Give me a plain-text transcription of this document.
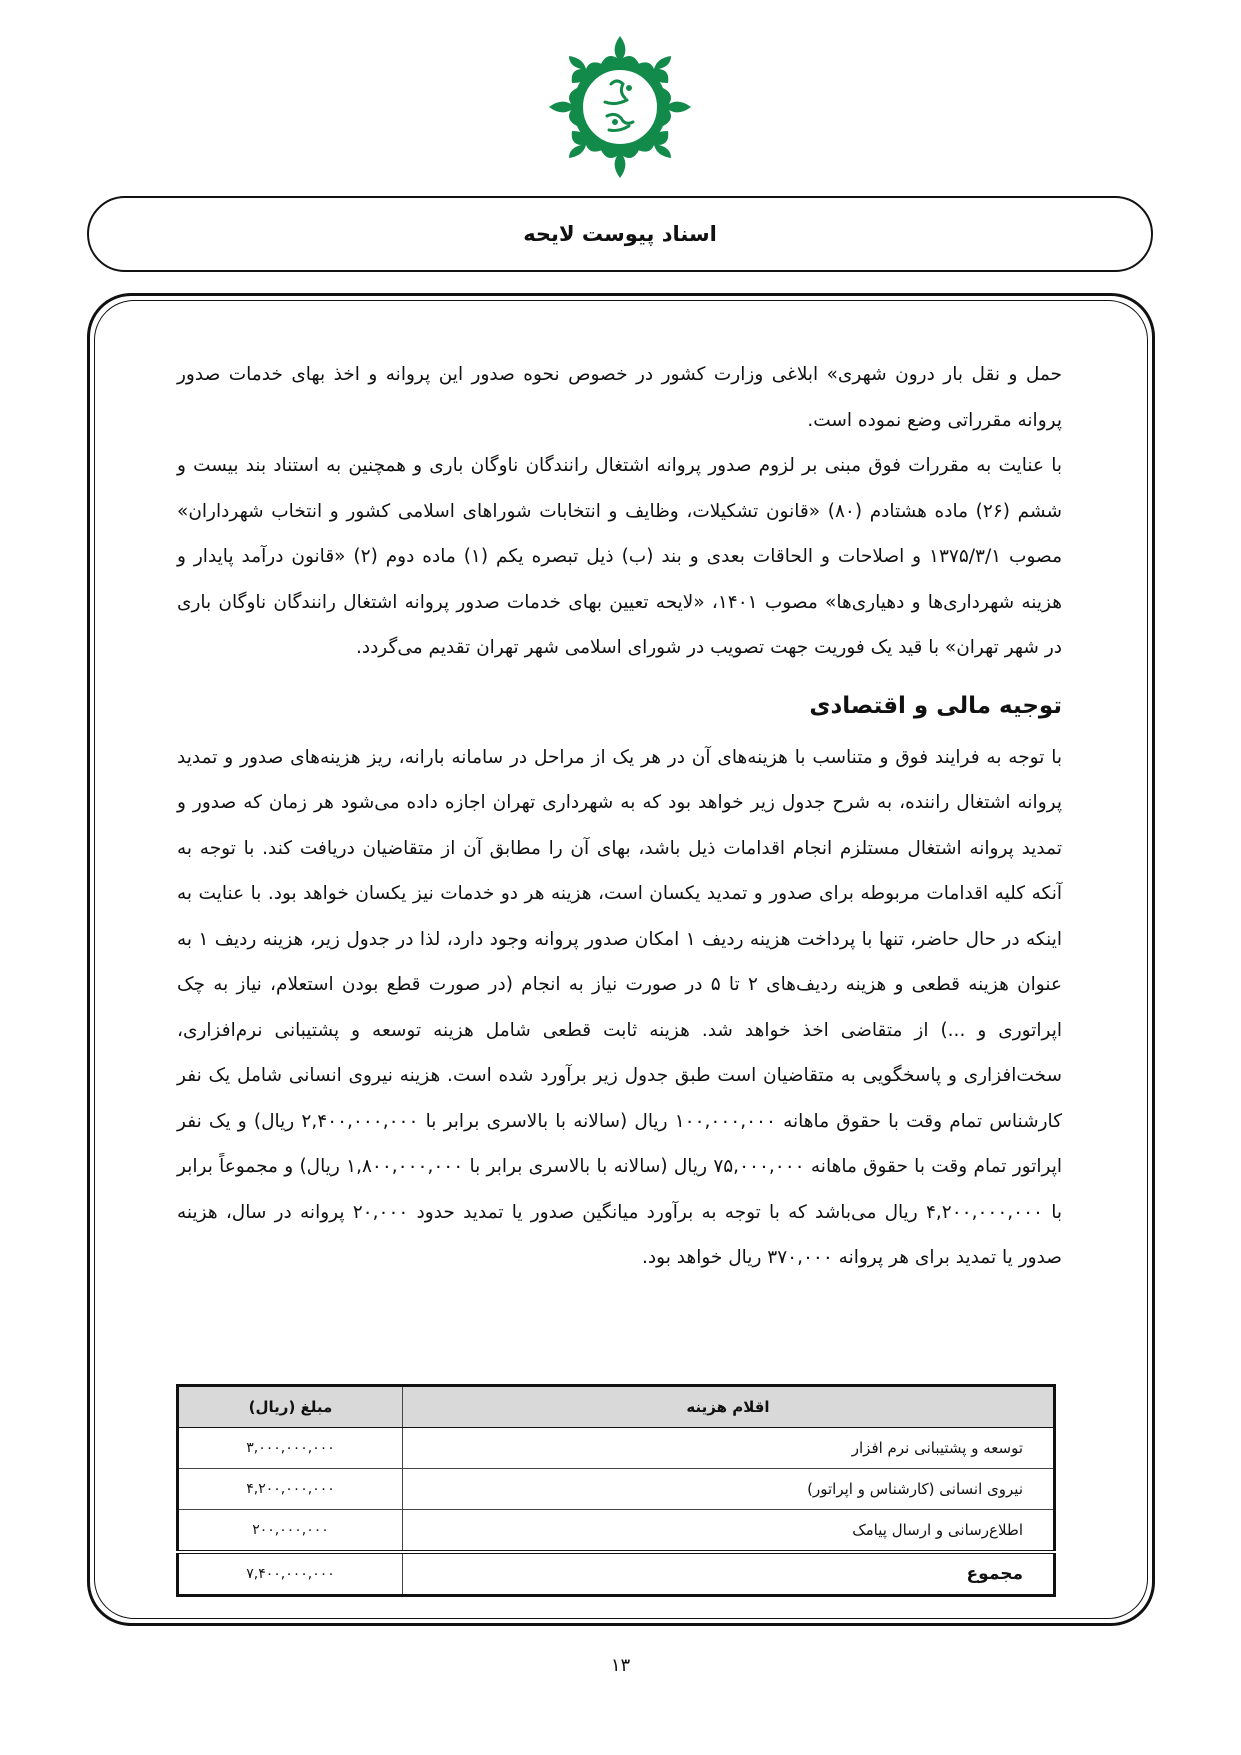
اسناد پیوست لایحه

حمل و نقل بار درون شهری» ابلاغی وزارت کشور در خصوص نحوه صدور این پروانه و اخذ بهای خدمات صدور پروانه مقرراتی وضع نموده است.

با عنایت به مقررات فوق مبنی بر لزوم صدور پروانه اشتغال رانندگان ناوگان باری و همچنین به استناد بند بیست و ششم (۲۶) ماده هشتادم (۸۰) «قانون تشکیلات، وظایف و انتخابات شوراهای اسلامی کشور و انتخاب شهرداران» مصوب ۱۳۷۵/۳/۱ و اصلاحات و الحاقات بعدی و بند (ب) ذیل تبصره یکم (۱) ماده دوم (۲) «قانون درآمد پایدار و هزینه شهرداری‌ها و دهیاری‌ها» مصوب ۱۴۰۱، «لایحه تعیین بهای خدمات صدور پروانه اشتغال رانندگان ناوگان باری در شهر تهران» با قید یک فوریت جهت تصویب در شورای اسلامی شهر تهران تقدیم می‌گردد.

توجیه مالی و اقتصادی

با توجه به فرایند فوق و متناسب با هزینه‌های آن در هر یک از مراحل در سامانه بارانه، ریز هزینه‌های صدور و تمدید پروانه اشتغال راننده، به شرح جدول زیر خواهد بود که به شهرداری تهران اجازه داده می‌شود هر زمان که صدور و تمدید پروانه اشتغال مستلزم انجام اقدامات ذیل باشد، بهای آن را مطابق آن از متقاضیان دریافت کند. با توجه به آنکه کلیه اقدامات مربوطه برای صدور و تمدید یکسان است، هزینه هر دو خدمات نیز یکسان خواهد بود. با عنایت به اینکه در حال حاضر، تنها با پرداخت هزینه ردیف ۱ امکان صدور پروانه وجود دارد، لذا در جدول زیر، هزینه ردیف ۱ به عنوان هزینه قطعی و هزینه ردیف‌های ۲ تا ۵ در صورت نیاز به انجام (در صورت قطع بودن استعلام، نیاز به چک اپراتوری و ...) از متقاضی اخذ خواهد شد. هزینه ثابت قطعی شامل هزینه توسعه و پشتیبانی نرم‌افزاری، سخت‌افزاری و پاسخگویی به متقاضیان است طبق جدول زیر برآورد شده است. هزینه نیروی انسانی شامل یک نفر کارشناس تمام وقت با حقوق ماهانه ۱۰۰,۰۰۰,۰۰۰ ریال (سالانه با بالاسری برابر با ۲,۴۰۰,۰۰۰,۰۰۰ ریال) و یک نفر اپراتور تمام وقت با حقوق ماهانه ۷۵,۰۰۰,۰۰۰ ریال (سالانه با بالاسری برابر با ۱,۸۰۰,۰۰۰,۰۰۰ ریال) و مجموعاً برابر با ۴,۲۰۰,۰۰۰,۰۰۰ ریال می‌باشد که با توجه به برآورد میانگین صدور یا تمدید حدود ۲۰,۰۰۰ پروانه در سال، هزینه صدور یا تمدید برای هر پروانه ۳۷۰,۰۰۰ ریال خواهد بود.

اقلام هزینه	مبلغ (ریال)
توسعه و پشتیبانی نرم افزار	۳,۰۰۰,۰۰۰,۰۰۰
نیروی انسانی (کارشناس و اپراتور)	۴,۲۰۰,۰۰۰,۰۰۰
اطلاع‌رسانی و ارسال پیامک	۲۰۰,۰۰۰,۰۰۰
مجموع	۷,۴۰۰,۰۰۰,۰۰۰
۱۳
